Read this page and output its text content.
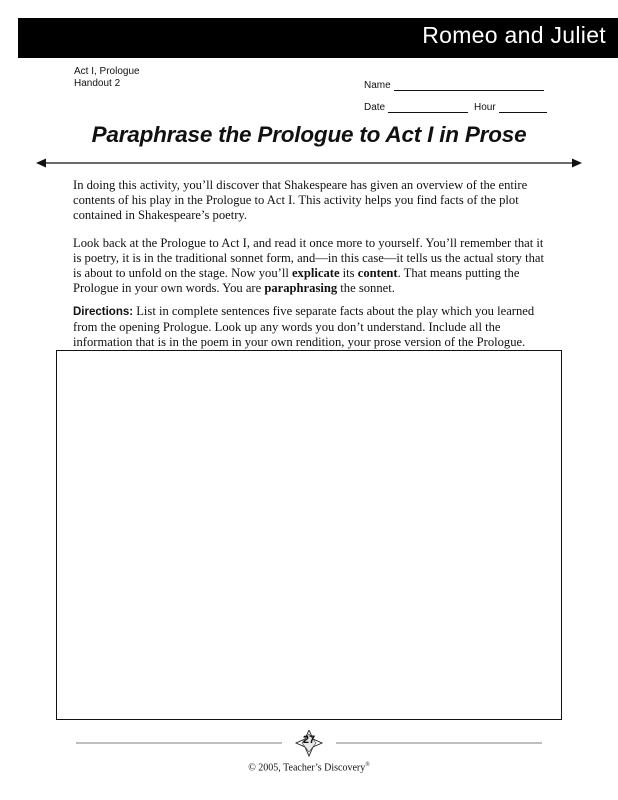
Romeo and Juliet
Act I, Prologue
Handout 2	Name
Date	Hour
Paraphrase the Prologue to Act I in Prose
In doing this activity, you’ll discover that Shakespeare has given an overview of the entire contents of his play in the Prologue to Act I. This activity helps you find facts of the plot contained in Shakespeare’s poetry.
Look back at the Prologue to Act I, and read it once more to yourself. You’ll remember that it is poetry, it is in the traditional sonnet form, and—in this case—it tells us the actual story that is about to unfold on the stage. Now you’ll explicate its content. That means putting the Prologue in your own words. You are paraphrasing the sonnet.
Directions: List in complete sentences five separate facts about the play which you learned from the opening Prologue. Look up any words you don’t understand. Include all the information that is in the poem in your own rendition, your prose version of the Prologue.
27
© 2005, Teacher’s Discovery®
